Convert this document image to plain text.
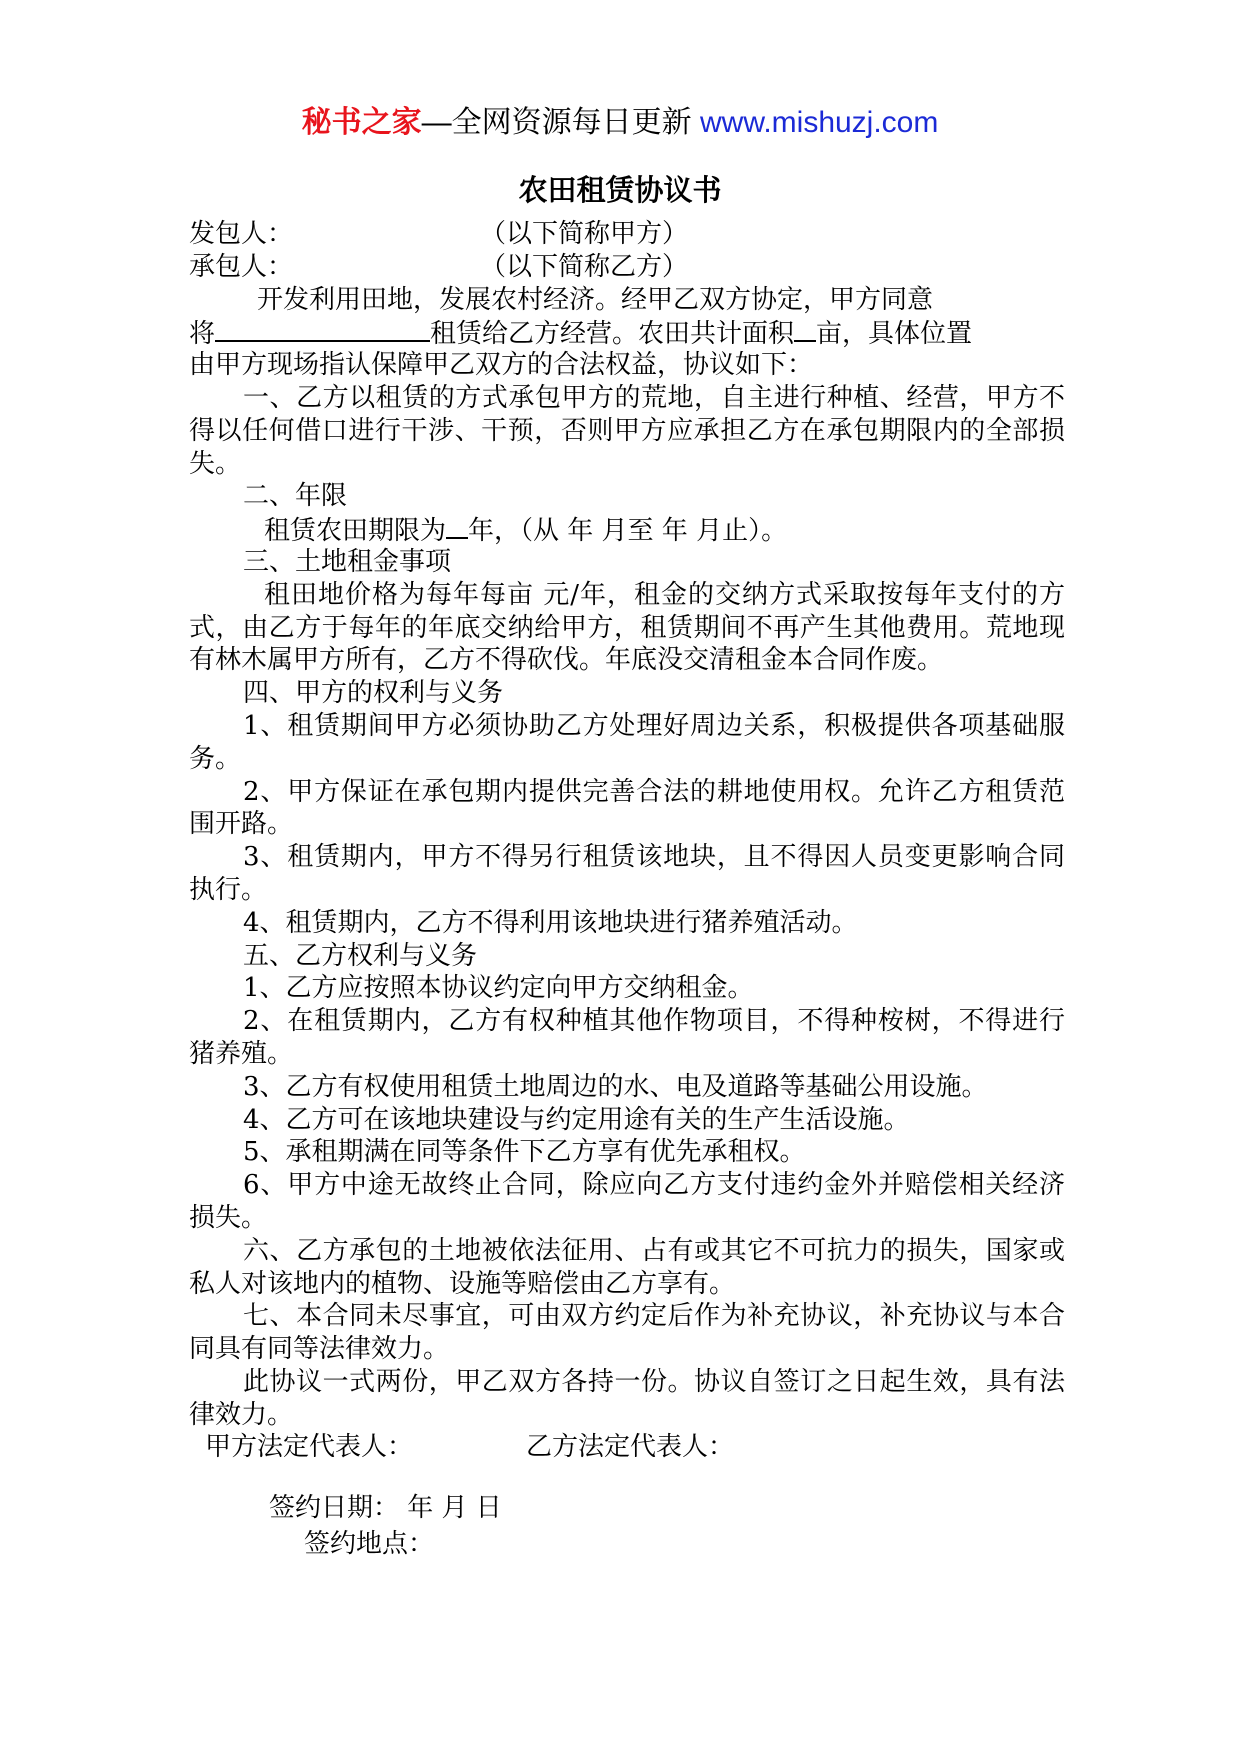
秘书之家—全网资源每日更新 www.mishuzj.com
农田租赁协议书
发包人：	（以下简称甲方）
承包人：	（以下简称乙方）
开发利用田地，发展农村经济。经甲乙双方协定，甲方同意
将	租赁给乙方经营。农田共计面积 亩，具体位置
由甲方现场指认保障甲乙双方的合法权益，协议如下：
一、乙方以租赁的方式承包甲方的荒地，自主进行种植、经营，甲方不得以任何借口进行干涉、干预，否则甲方应承担乙方在承包期限内的全部损失。
二、年限
租赁农田期限为 年，（从 年 月至 年 月止）。
三、土地租金事项
租田地价格为每年每亩 元/年，租金的交纳方式采取按每年支付的方式，由乙方于每年的年底交纳给甲方，租赁期间不再产生其他费用。荒地现有林木属甲方所有，乙方不得砍伐。年底没交清租金本合同作废。
四、甲方的权利与义务
1、租赁期间甲方必须协助乙方处理好周边关系，积极提供各项基础服务。
2、甲方保证在承包期内提供完善合法的耕地使用权。允许乙方租赁范围开路。
3、租赁期内，甲方不得另行租赁该地块，且不得因人员变更影响合同执行。
4、租赁期内，乙方不得利用该地块进行猪养殖活动。
五、乙方权利与义务
1、乙方应按照本协议约定向甲方交纳租金。
2、在租赁期内，乙方有权种植其他作物项目，不得种桉树，不得进行猪养殖。
3、乙方有权使用租赁土地周边的水、电及道路等基础公用设施。
4、乙方可在该地块建设与约定用途有关的生产生活设施。
5、承租期满在同等条件下乙方享有优先承租权。
6、甲方中途无故终止合同，除应向乙方支付违约金外并赔偿相关经济损失。
六、乙方承包的土地被依法征用、占有或其它不可抗力的损失，国家或私人对该地内的植物、设施等赔偿由乙方享有。
七、本合同未尽事宜，可由双方约定后作为补充协议，补充协议与本合同具有同等法律效力。
此协议一式两份，甲乙双方各持一份。协议自签订之日起生效，具有法律效力。
甲方法定代表人：	乙方法定代表人：
签约日期： 年 月 日
签约地点：
